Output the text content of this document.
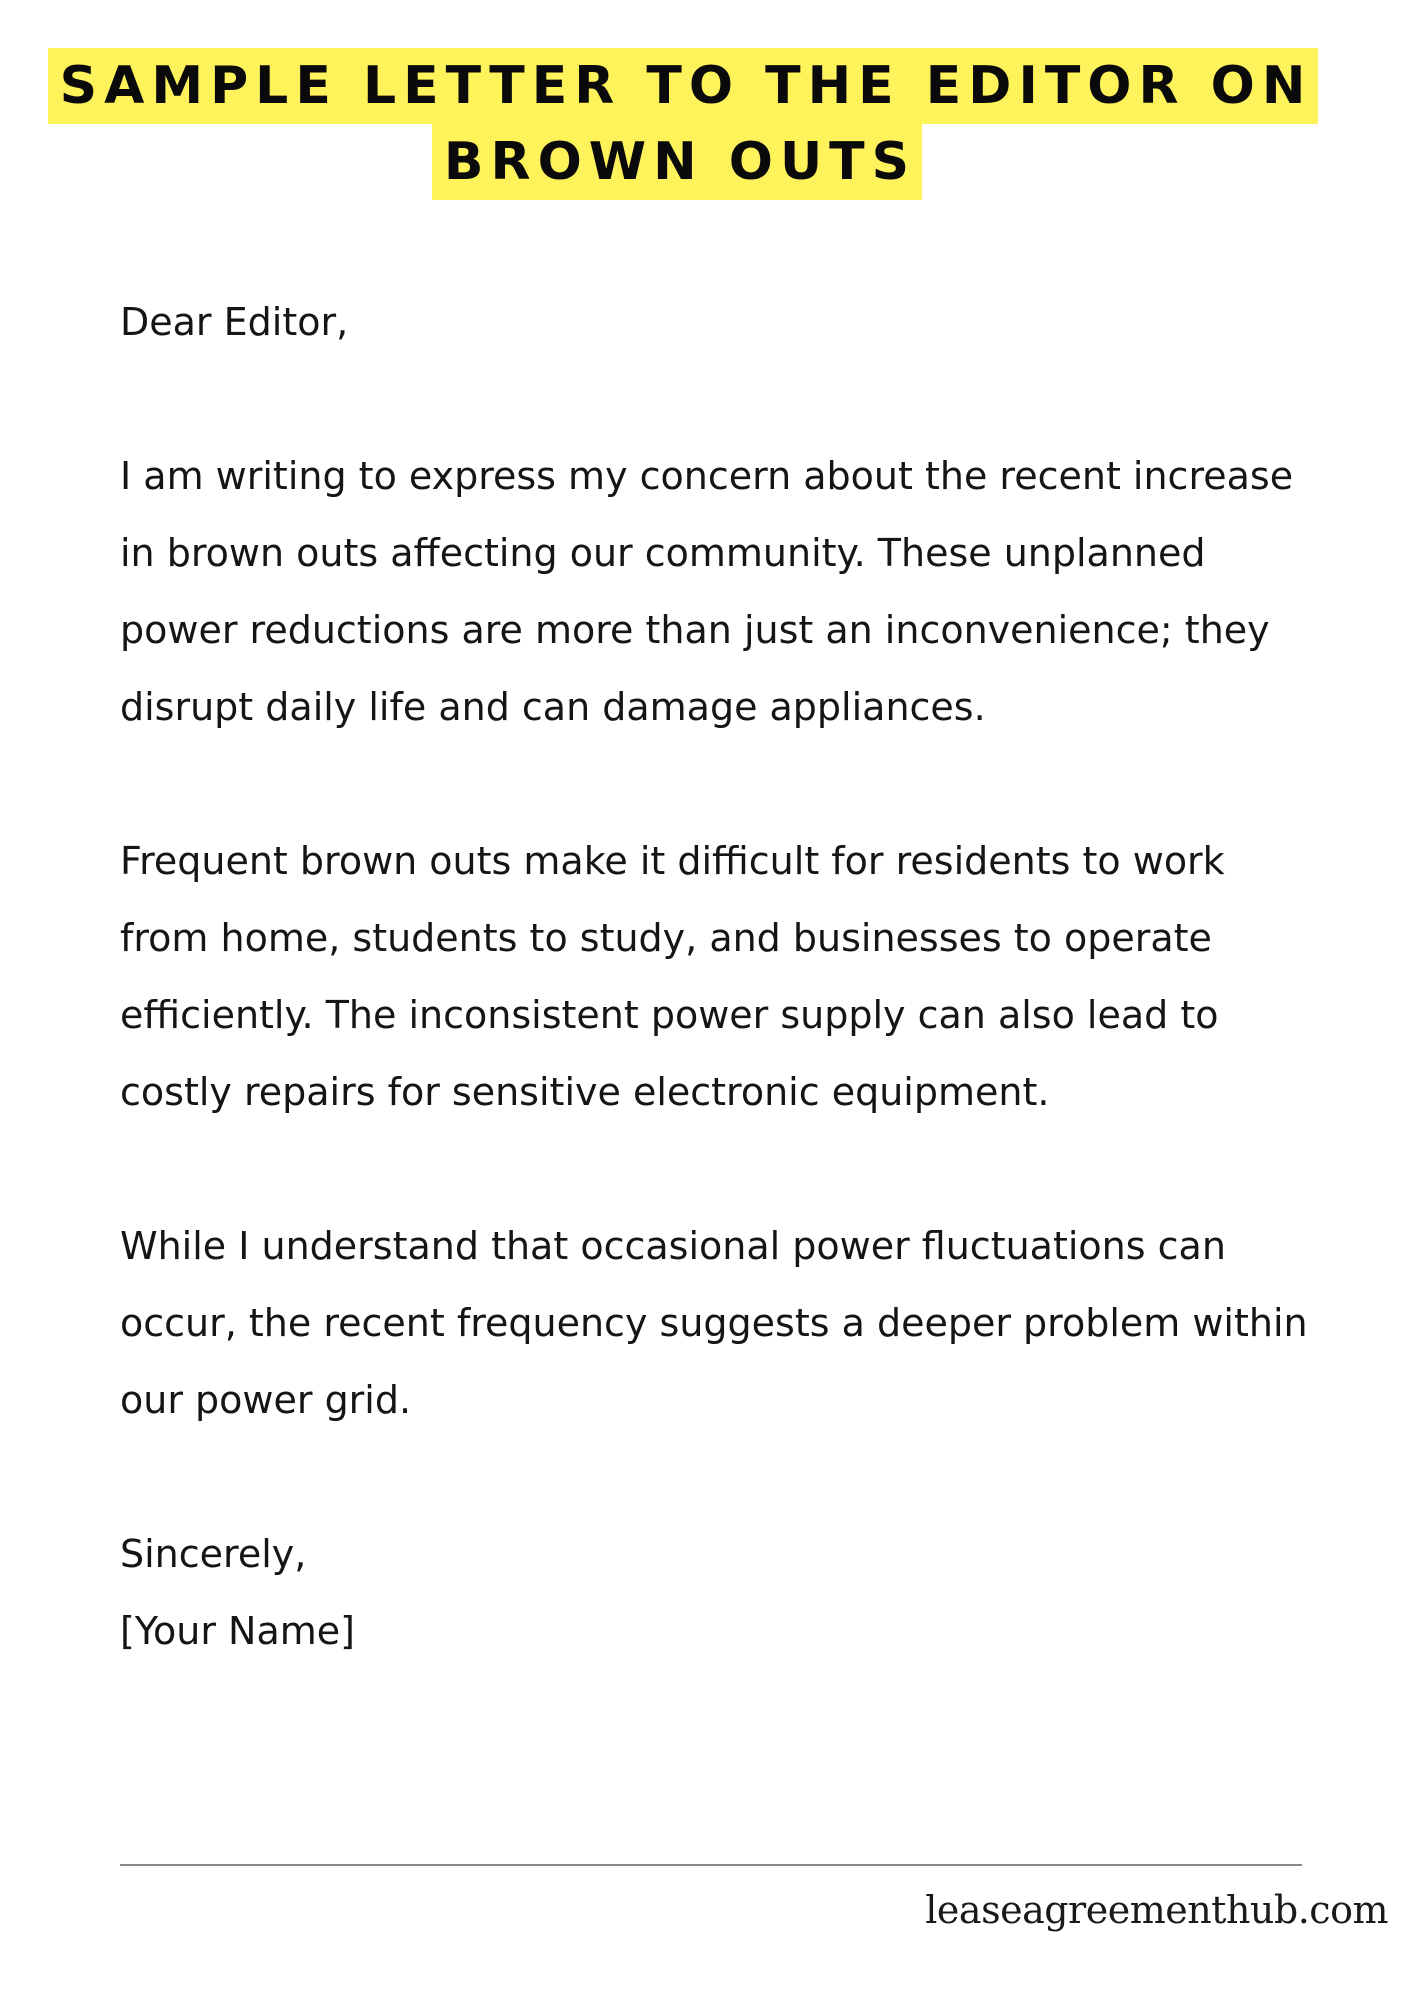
SAMPLE LETTER TO THE EDITOR ON
BROWN OUTS

Dear Editor,

I am writing to express my concern about the recent increase in brown outs affecting our community. These unplanned power reductions are more than just an inconvenience; they disrupt daily life and can damage appliances.

Frequent brown outs make it difficult for residents to work from home, students to study, and businesses to operate efficiently. The inconsistent power supply can also lead to costly repairs for sensitive electronic equipment.

While I understand that occasional power fluctuations can occur, the recent frequency suggests a deeper problem within our power grid.

Sincerely,

[Your Name]

leaseagreementhub.com
